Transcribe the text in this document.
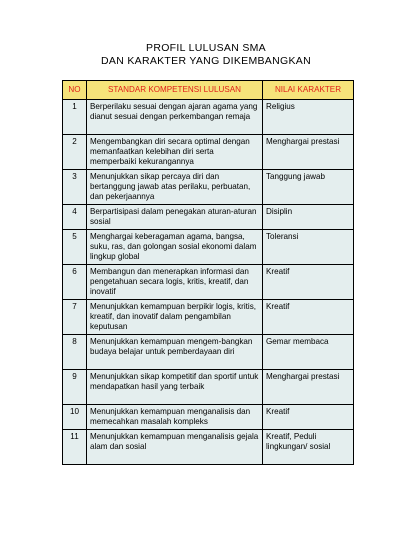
PROFIL LULUSAN SMA
DAN KARAKTER YANG DIKEMBANGKAN
NO	STANDAR KOMPETENSI LULUSAN	NILAI KARAKTER
1	Berperilaku sesuai dengan ajaran agama yang dianut sesuai dengan perkembangan remaja	Religius
2	Mengembangkan diri secara optimal dengan memanfaatkan kelebihan diri serta memperbaiki kekurangannya	Menghargai prestasi
3	Menunjukkan sikap percaya diri dan bertanggung jawab atas perilaku, perbuatan, dan pekerjaannya	Tanggung jawab
4	Berpartisipasi dalam penegakan aturan-aturan sosial	Disiplin
5	Menghargai keberagaman agama, bangsa, suku, ras, dan golongan sosial ekonomi dalam lingkup global	Toleransi
6	Membangun dan menerapkan informasi dan pengetahuan secara logis, kritis, kreatif, dan inovatif	Kreatif
7	Menunjukkan kemampuan berpikir logis, kritis, kreatif, dan inovatif dalam pengambilan keputusan	Kreatif
8	Menunjukkan kemampuan mengem-bangkan budaya belajar untuk pemberdayaan diri	Gemar membaca
9	Menunjukkan sikap kompetitif dan sportif untuk mendapatkan hasil yang terbaik	Menghargai prestasi
10	Menunjukkan kemampuan menganalisis dan memecahkan masalah kompleks	Kreatif
11	Menunjukkan kemampuan menganalisis gejala alam dan sosial	Kreatif, Peduli lingkungan/ sosial
